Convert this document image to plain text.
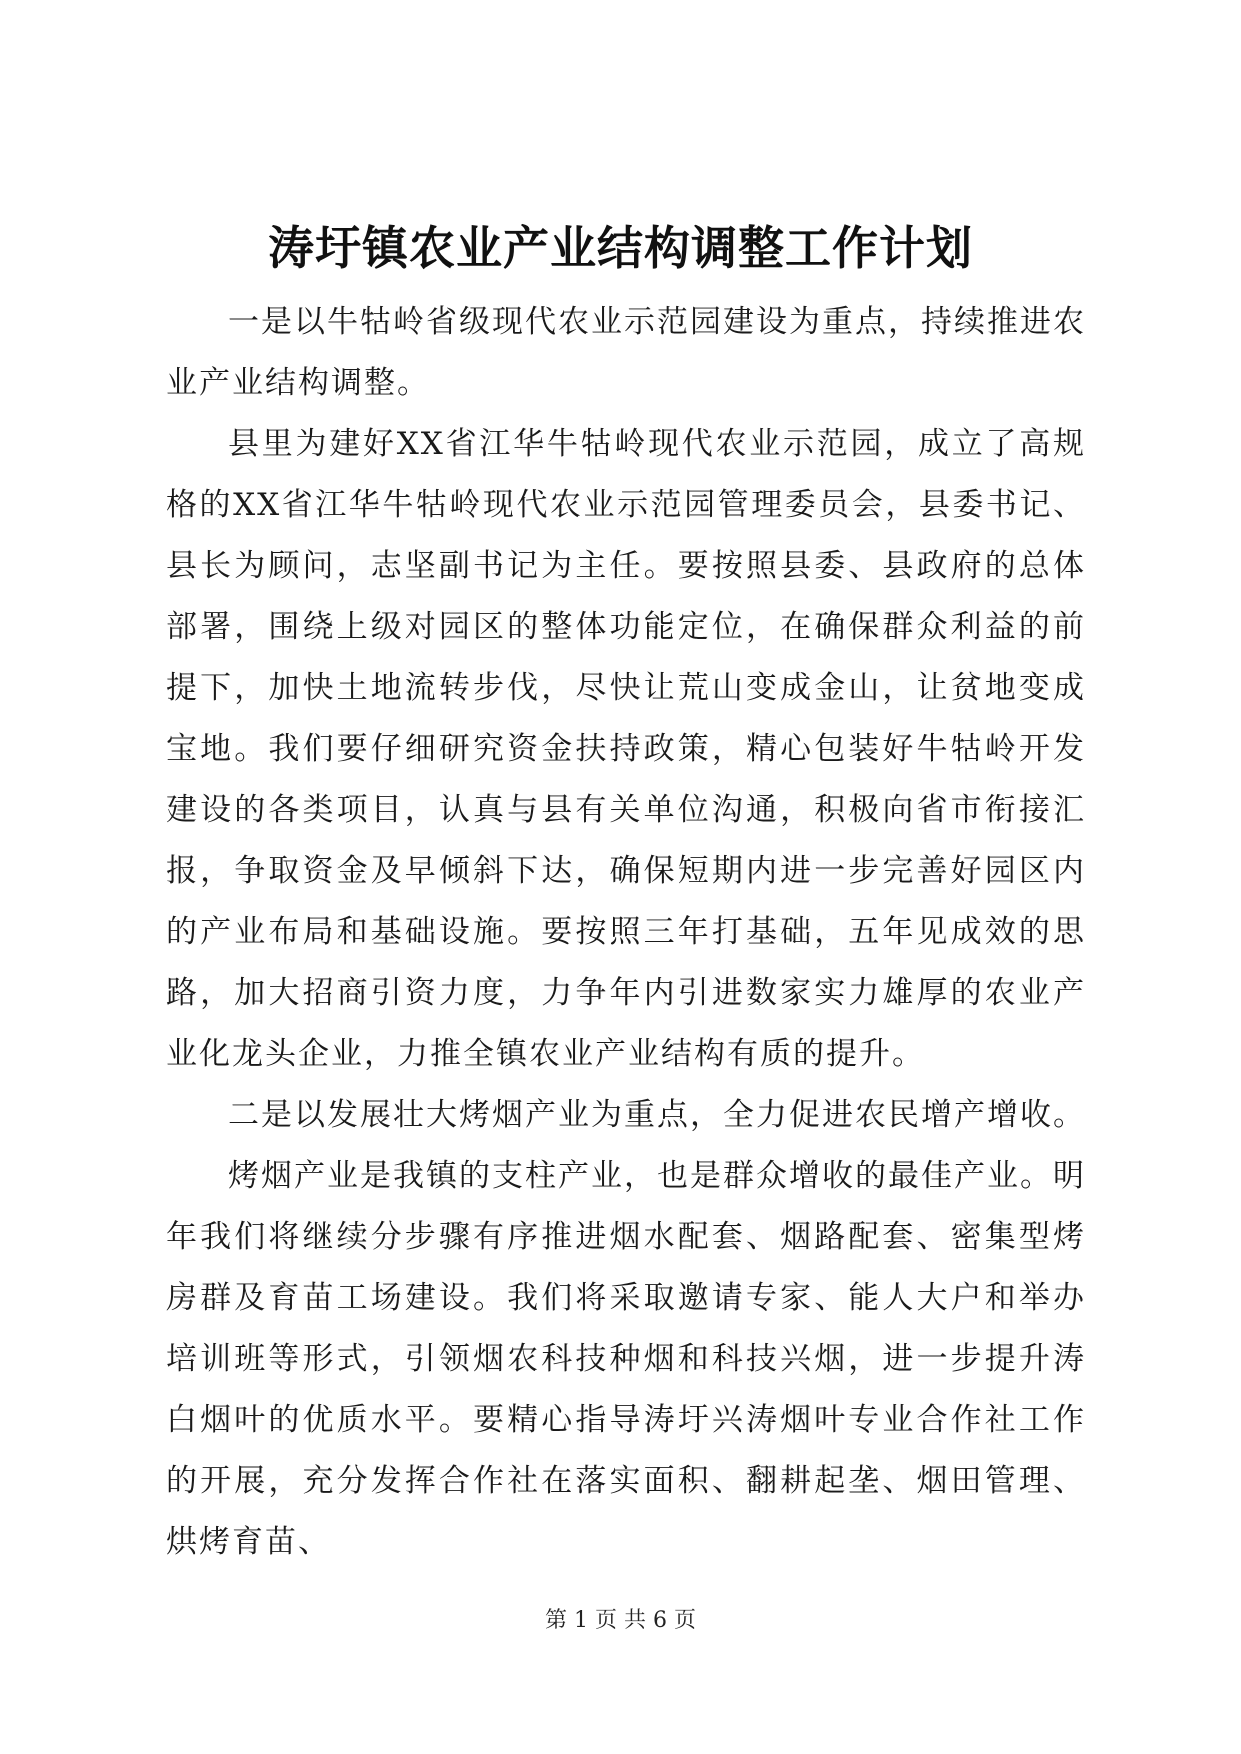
涛圩镇农业产业结构调整工作计划

一是以牛牯岭省级现代农业示范园建设为重点，持续推进农业产业结构调整。

县里为建好XX省江华牛牯岭现代农业示范园，成立了高规格的XX省江华牛牯岭现代农业示范园管理委员会，县委书记、县长为顾问，志坚副书记为主任。要按照县委、县政府的总体部署，围绕上级对园区的整体功能定位，在确保群众利益的前提下，加快土地流转步伐，尽快让荒山变成金山，让贫地变成宝地。我们要仔细研究资金扶持政策，精心包装好牛牯岭开发建设的各类项目，认真与县有关单位沟通，积极向省市衔接汇报，争取资金及早倾斜下达，确保短期内进一步完善好园区内的产业布局和基础设施。要按照三年打基础，五年见成效的思路，加大招商引资力度，力争年内引进数家实力雄厚的农业产业化龙头企业，力推全镇农业产业结构有质的提升。

二是以发展壮大烤烟产业为重点，全力促进农民增产增收。

烤烟产业是我镇的支柱产业，也是群众增收的最佳产业。明年我们将继续分步骤有序推进烟水配套、烟路配套、密集型烤房群及育苗工场建设。我们将采取邀请专家、能人大户和举办培训班等形式，引领烟农科技种烟和科技兴烟，进一步提升涛白烟叶的优质水平。要精心指导涛圩兴涛烟叶专业合作社工作的开展，充分发挥合作社在落实面积、翻耕起垄、烟田管理、烘烤育苗、

第 1 页 共 6 页
